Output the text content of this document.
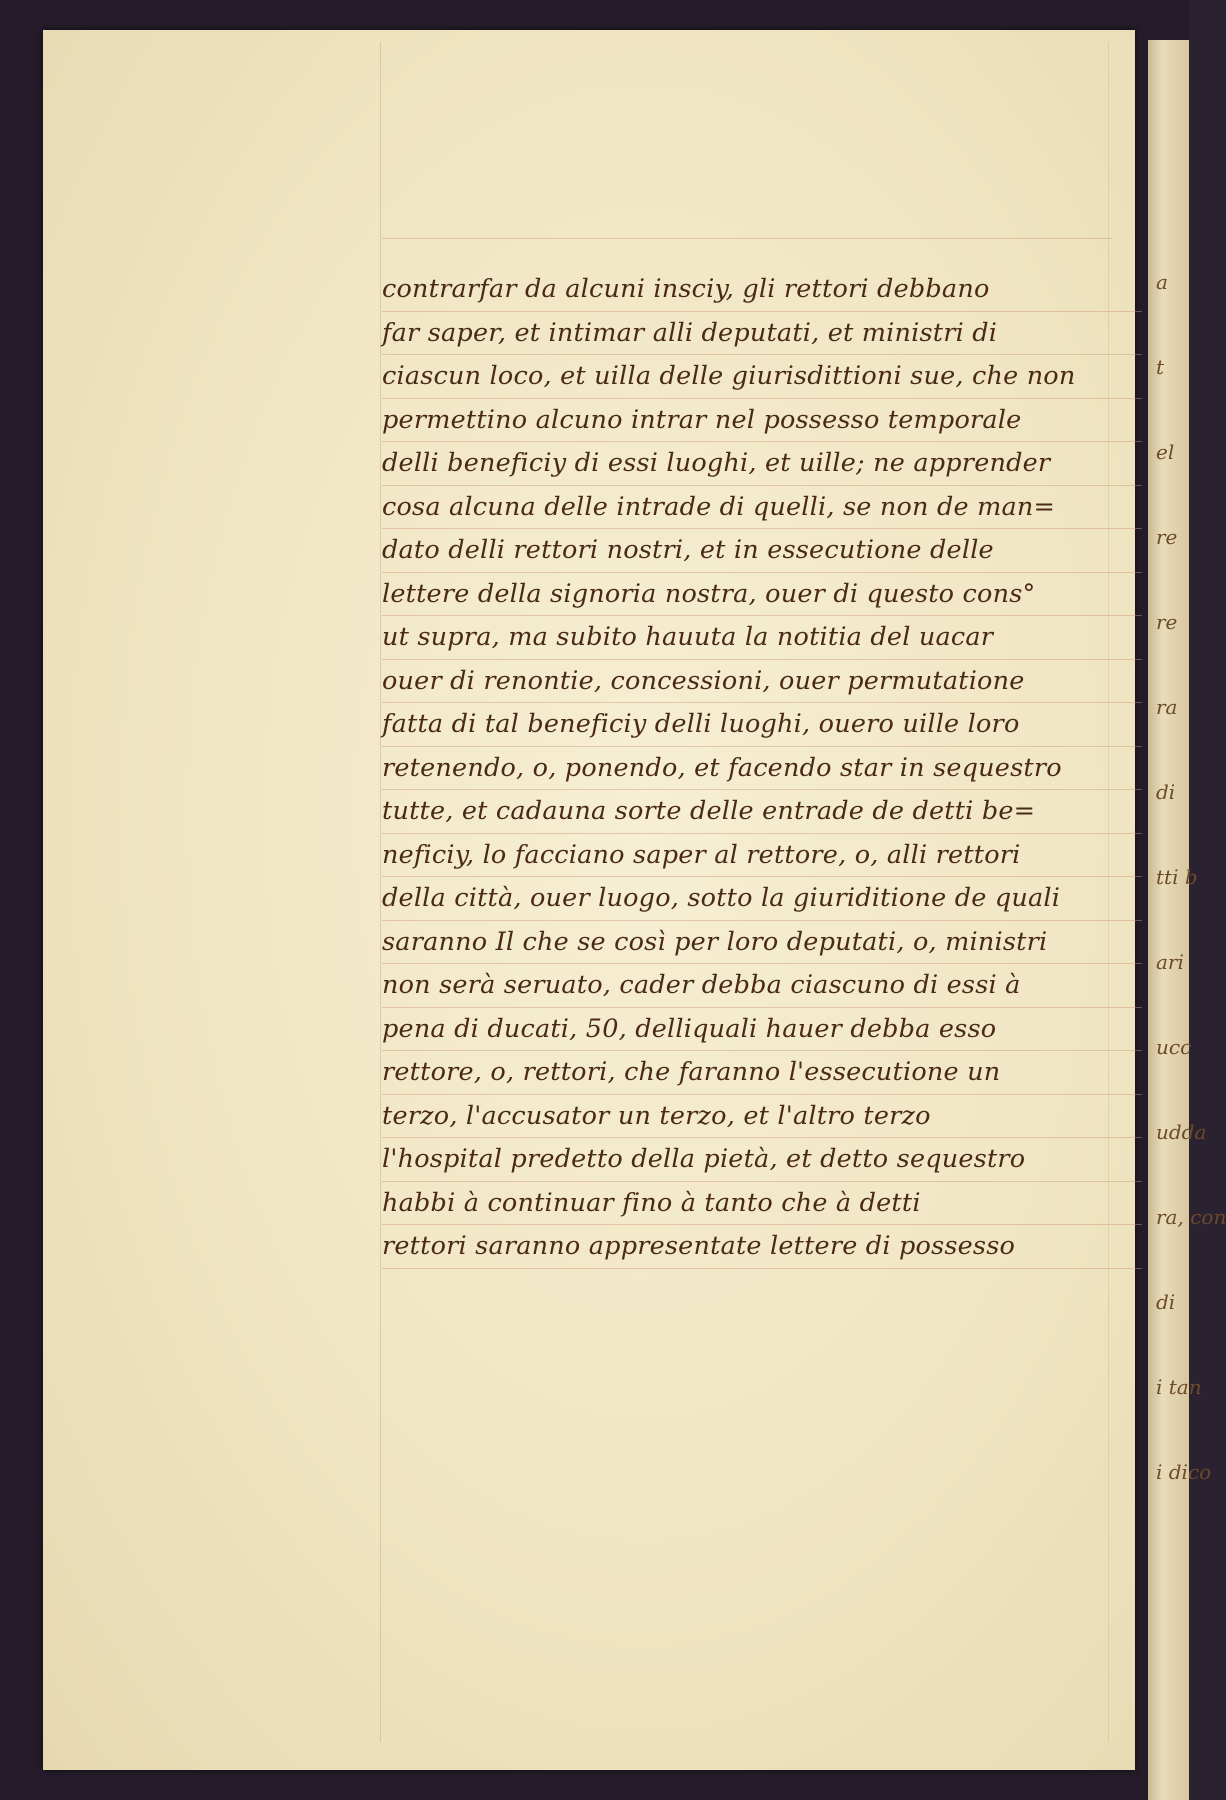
contrarfar da alcuni insciy, gli rettori debbano
far saper, et intimar alli deputati, et ministri di
ciascun loco, et uilla delle giurisdittioni sue, che non
permettino alcuno intrar nel possesso temporale
delli beneficiy di essi luoghi, et uille; ne apprender
cosa alcuna delle intrade di quelli, se non de man=
dato delli rettori nostri, et in essecutione delle
lettere della signoria nostra, ouer di questo cons°
ut supra, ma subito hauuta la notitia del uacar
ouer di renontie, concessioni, ouer permutatione
fatta di tal beneficiy delli luoghi, ouero uille loro
retenendo, o, ponendo, et facendo star in sequestro
tutte, et cadauna sorte delle entrade de detti be=
neficiy, lo facciano saper al rettore, o, alli rettori
della città, ouer luogo, sotto la giuriditione de quali
saranno Il che se così per loro deputati, o, ministri
non serà seruato, cader debba ciascuno di essi à
pena di ducati, 50, delliquali hauer debba esso
rettore, o, rettori, che faranno l'essecutione un
terzo, l'accusator un terzo, et l'altro terzo
l'hospital predetto della pietà, et detto sequestro
habbi à continuar fino à tanto che à detti
rettori saranno appresentate lettere di possesso
a
t
el
re
re
ra
di
tti b
ari
ucc
udda
ra, con
di
i tan
i dico
